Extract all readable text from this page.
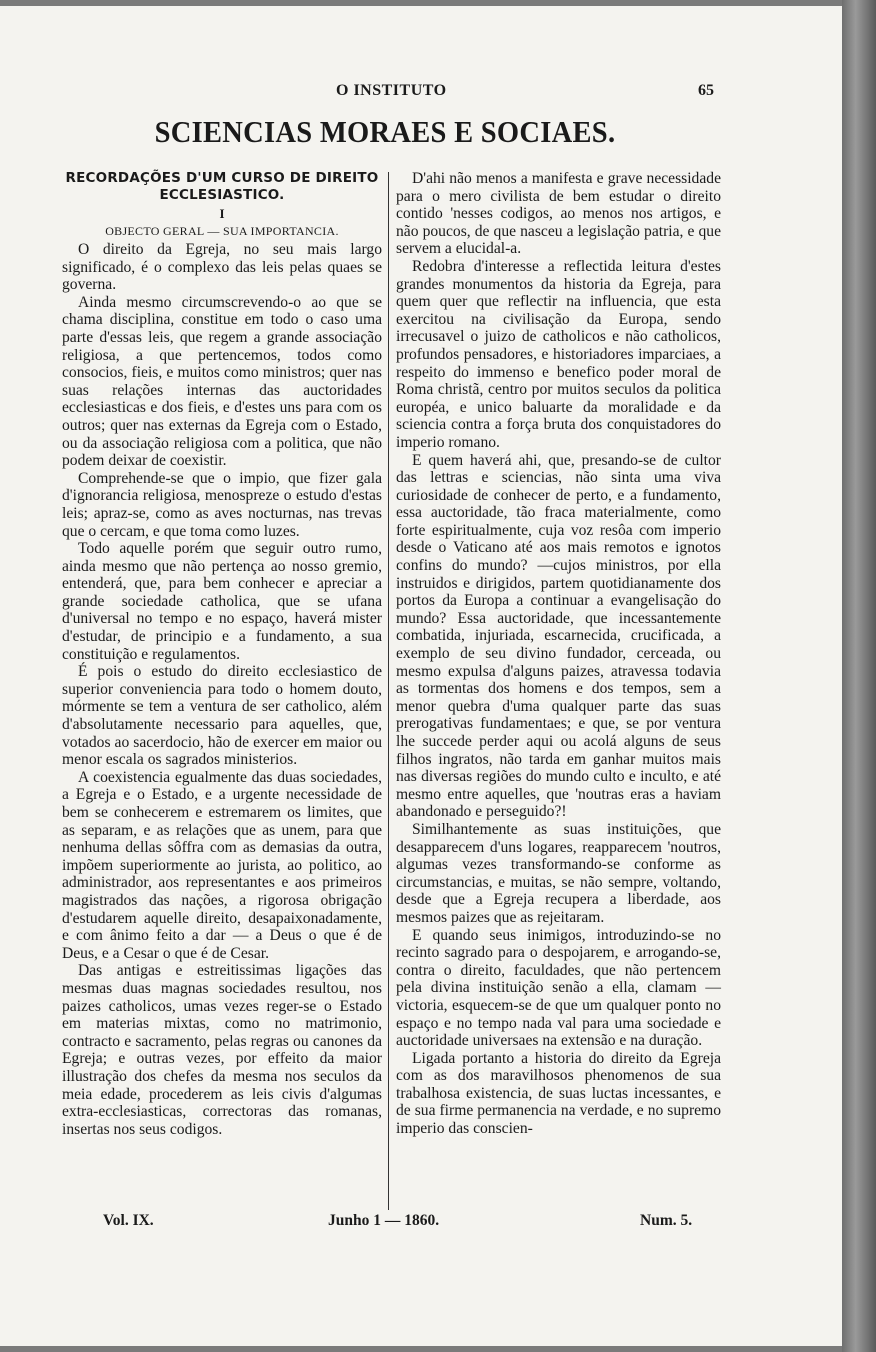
O INSTITUTO	65
SCIENCIAS MORAES E SOCIAES.
RECORDAÇÕES D'UM CURSO DE DIREITO
ECCLESIASTICO.
I
OBJECTO GERAL — SUA IMPORTANCIA.

O direito da Egreja, no seu mais largo significado, é o complexo das leis pelas quaes se governa.

Ainda mesmo circumscrevendo-o ao que se chama disciplina, constitue em todo o caso uma parte d'essas leis, que regem a grande associação religiosa, a que pertencemos, todos como consocios, fieis, e muitos como ministros; quer nas suas relações internas das auctoridades ecclesiasticas e dos fieis, e d'estes uns para com os outros; quer nas externas da Egreja com o Estado, ou da associação religiosa com a politica, que não podem deixar de coexistir.

Comprehende-se que o impio, que fizer gala d'ignorancia religiosa, menospreze o estudo d'estas leis; apraz-se, como as aves nocturnas, nas trevas que o cercam, e que toma como luzes.

Todo aquelle porém que seguir outro rumo, ainda mesmo que não pertença ao nosso gremio, entenderá, que, para bem conhecer e apreciar a grande sociedade catholica, que se ufana d'universal no tempo e no espaço, haverá mister d'estudar, de principio e a fundamento, a sua constituição e regulamentos.

É pois o estudo do direito ecclesiastico de superior conveniencia para todo o homem douto, mórmente se tem a ventura de ser catholico, além d'absolutamente necessario para aquelles, que, votados ao sacerdocio, hão de exercer em maior ou menor escala os sagrados ministerios.

A coexistencia egualmente das duas sociedades, a Egreja e o Estado, e a urgente necessidade de bem se conhecerem e estremarem os limites, que as separam, e as relações que as unem, para que nenhuma dellas sôffra com as demasias da outra, impõem superiormente ao jurista, ao politico, ao administrador, aos representantes e aos primeiros magistrados das nações, a rigorosa obrigação d'estudarem aquelle direito, desapaixonadamente, e com ânimo feito a dar — a Deus o que é de Deus, e a Cesar o que é de Cesar.

Das antigas e estreitissimas ligações das mesmas duas magnas sociedades resultou, nos paizes catholicos, umas vezes reger-se o Estado em materias mixtas, como no matrimonio, contracto e sacramento, pelas regras ou canones da Egreja; e outras vezes, por effeito da maior illustração dos chefes da mesma nos seculos da meia edade, procederem as leis civis d'algumas extra-ecclesiasticas, correctoras das romanas, insertas nos seus codigos.

D'ahi não menos a manifesta e grave necessidade para o mero civilista de bem estudar o direito contido 'nesses codigos, ao menos nos artigos, e não poucos, de que nasceu a legislação patria, e que servem a elucidal-a.

Redobra d'interesse a reflectida leitura d'estes grandes monumentos da historia da Egreja, para quem quer que reflectir na influencia, que esta exercitou na civilisação da Europa, sendo irrecusavel o juizo de catholicos e não catholicos, profundos pensadores, e historiadores imparciaes, a respeito do immenso e benefico poder moral de Roma christã, centro por muitos seculos da politica européa, e unico baluarte da moralidade e da sciencia contra a força bruta dos conquistadores do imperio romano.

E quem haverá ahi, que, presando-se de cultor das lettras e sciencias, não sinta uma viva curiosidade de conhecer de perto, e a fundamento, essa auctoridade, tão fraca materialmente, como forte espiritualmente, cuja voz resôa com imperio desde o Vaticano até aos mais remotos e ignotos confins do mundo? —cujos ministros, por ella instruidos e dirigidos, partem quotidianamente dos portos da Europa a continuar a evangelisação do mundo? Essa auctoridade, que incessantemente combatida, injuriada, escarnecida, crucificada, a exemplo de seu divino fundador, cerceada, ou mesmo expulsa d'alguns paizes, atravessa todavia as tormentas dos homens e dos tempos, sem a menor quebra d'uma qualquer parte das suas prerogativas fundamentaes; e que, se por ventura lhe succede perder aqui ou acolá alguns de seus filhos ingratos, não tarda em ganhar muitos mais nas diversas regiões do mundo culto e inculto, e até mesmo entre aquelles, que 'noutras eras a haviam abandonado e perseguido?!

Similhantemente as suas instituições, que desapparecem d'uns logares, reapparecem 'noutros, algumas vezes transformando-se conforme as circumstancias, e muitas, se não sempre, voltando, desde que a Egreja recupera a liberdade, aos mesmos paizes que as rejeitaram.

E quando seus inimigos, introduzindo-se no recinto sagrado para o despojarem, e arrogando-se, contra o direito, faculdades, que não pertencem pela divina instituição senão a ella, clamam — victoria, esquecem-se de que um qualquer ponto no espaço e no tempo nada val para uma sociedade e auctoridade universaes na extensão e na duração.

Ligada portanto a historia do direito da Egreja com as dos maravilhosos phenomenos de sua trabalhosa existencia, de suas luctas incessantes, e de sua firme permanencia na verdade, e no supremo imperio das conscien-

Vol. IX.	Junho 1 — 1860.	Num. 5.
